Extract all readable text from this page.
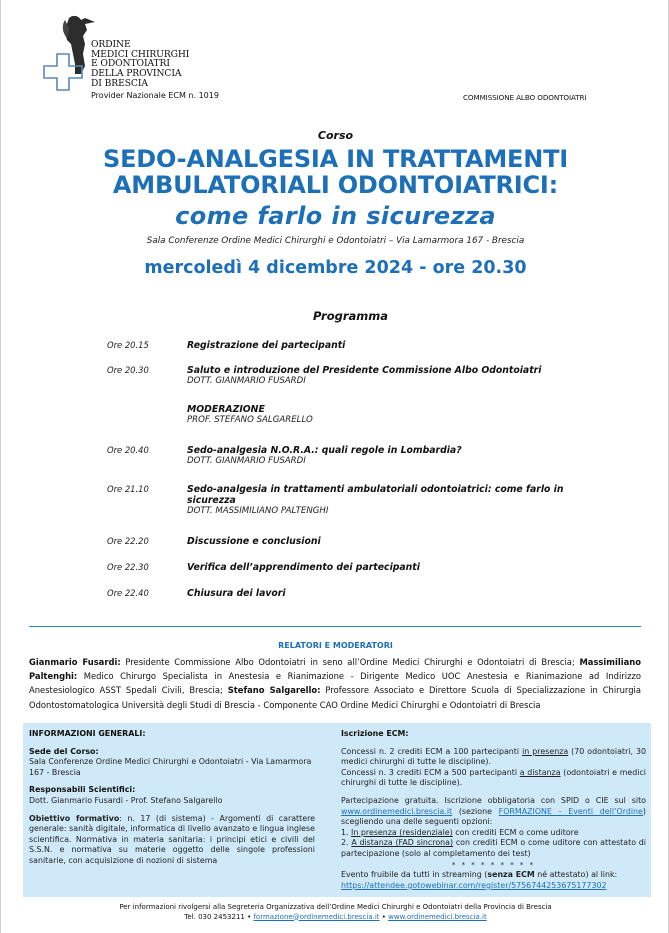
ORDINE
MEDICI CHIRURGHI
E ODONTOIATRI
DELLA PROVINCIA
DI BRESCIA
Provider Nazionale ECM n. 1019	COMMISSIONE ALBO ODONTOIATRI
Corso
SEDO-ANALGESIA IN TRATTAMENTI
AMBULATORIALI ODONTOIATRICI:
come farlo in sicurezza
Sala Conferenze Ordine Medici Chirurghi e Odontoiatri – Via Lamarmora 167 - Brescia
mercoledì 4 dicembre 2024 - ore 20.30
Programma
Ore 20.15	Registrazione dei partecipanti
Ore 20.30	Saluto e introduzione del Presidente Commissione Albo Odontoiatri
DOTT. GIANMARIO FUSARDI
MODERAZIONE
PROF. STEFANO SALGARELLO
Ore 20.40	Sedo-analgesia N.O.R.A.: quali regole in Lombardia?
DOTT. GIANMARIO FUSARDI
Ore 21.10	Sedo-analgesia in trattamenti ambulatoriali odontoiatrici: come farlo in sicurezza
DOTT. MASSIMILIANO PALTENGHI
Ore 22.20	Discussione e conclusioni
Ore 22.30	Verifica dell’apprendimento dei partecipanti
Ore 22.40	Chiusura dei lavori
RELATORI E MODERATORI
Gianmario Fusardi: Presidente Commissione Albo Odontoiatri in seno all’Ordine Medici Chirurghi e Odontoiatri di Brescia; Massimiliano Paltenghi: Medico Chirurgo Specialista in Anestesia e Rianimazione - Dirigente Medico UOC Anestesia e Rianimazione ad Indirizzo Anestesiologico ASST Spedali Civili, Brescia; Stefano Salgarello: Professore Associato e Direttore Scuola di Specializzazione in Chirurgia Odontostomatologica Università degli Studi di Brescia - Componente CAO Ordine Medici Chirurghi e Odontoiatri di Brescia
INFORMAZIONI GENERALI:
Sede del Corso:
Sala Conferenze Ordine Medici Chirurghi e Odontoiatri - Via Lamarmora 167 - Brescia
Responsabili Scientifici:
Dott. Gianmario Fusardi - Prof. Stefano Salgarello
Obiettivo formativo: n. 17 (di sistema) - Argomenti di carattere generale: sanità digitale, informatica di livello avanzato e lingua inglese scientifica. Normativa in materia sanitaria: i principi etici e civili del S.S.N. e normativa su materie oggetto delle singole professioni sanitarie, con acquisizione di nozioni di sistema
Iscrizione ECM:
Concessi n. 2 crediti ECM a 100 partecipanti in presenza (70 odontoiatri, 30 medici chirurghi di tutte le discipline).
Concessi n. 3 crediti ECM a 500 partecipanti a distanza (odontoiatri e medici chirurghi di tutte le discipline).
Partecipazione gratuita. Iscrizione obbligatoria con SPID o CIE sul sito www.ordinemedici.brescia.it (sezione FORMAZIONE - Eventi dell’Ordine) scegliendo una delle seguenti opzioni:
1. In presenza (residenziale) con crediti ECM o come uditore
2. A distanza (FAD sincrona) con crediti ECM o come uditore con attestato di partecipazione (solo al completamento dei test)
* * * * * * * * *
Evento fruibile da tutti in streaming (senza ECM né attestato) al link:
https://attendee.gotowebinar.com/register/5756744253675177302
Per informazioni rivolgersi alla Segreteria Organizzativa dell’Ordine Medici Chirurghi e Odontoiatri della Provincia di Brescia
Tel. 030 2453211 • formazione@ordinemedici.brescia.it • www.ordinemedici.brescia.it
